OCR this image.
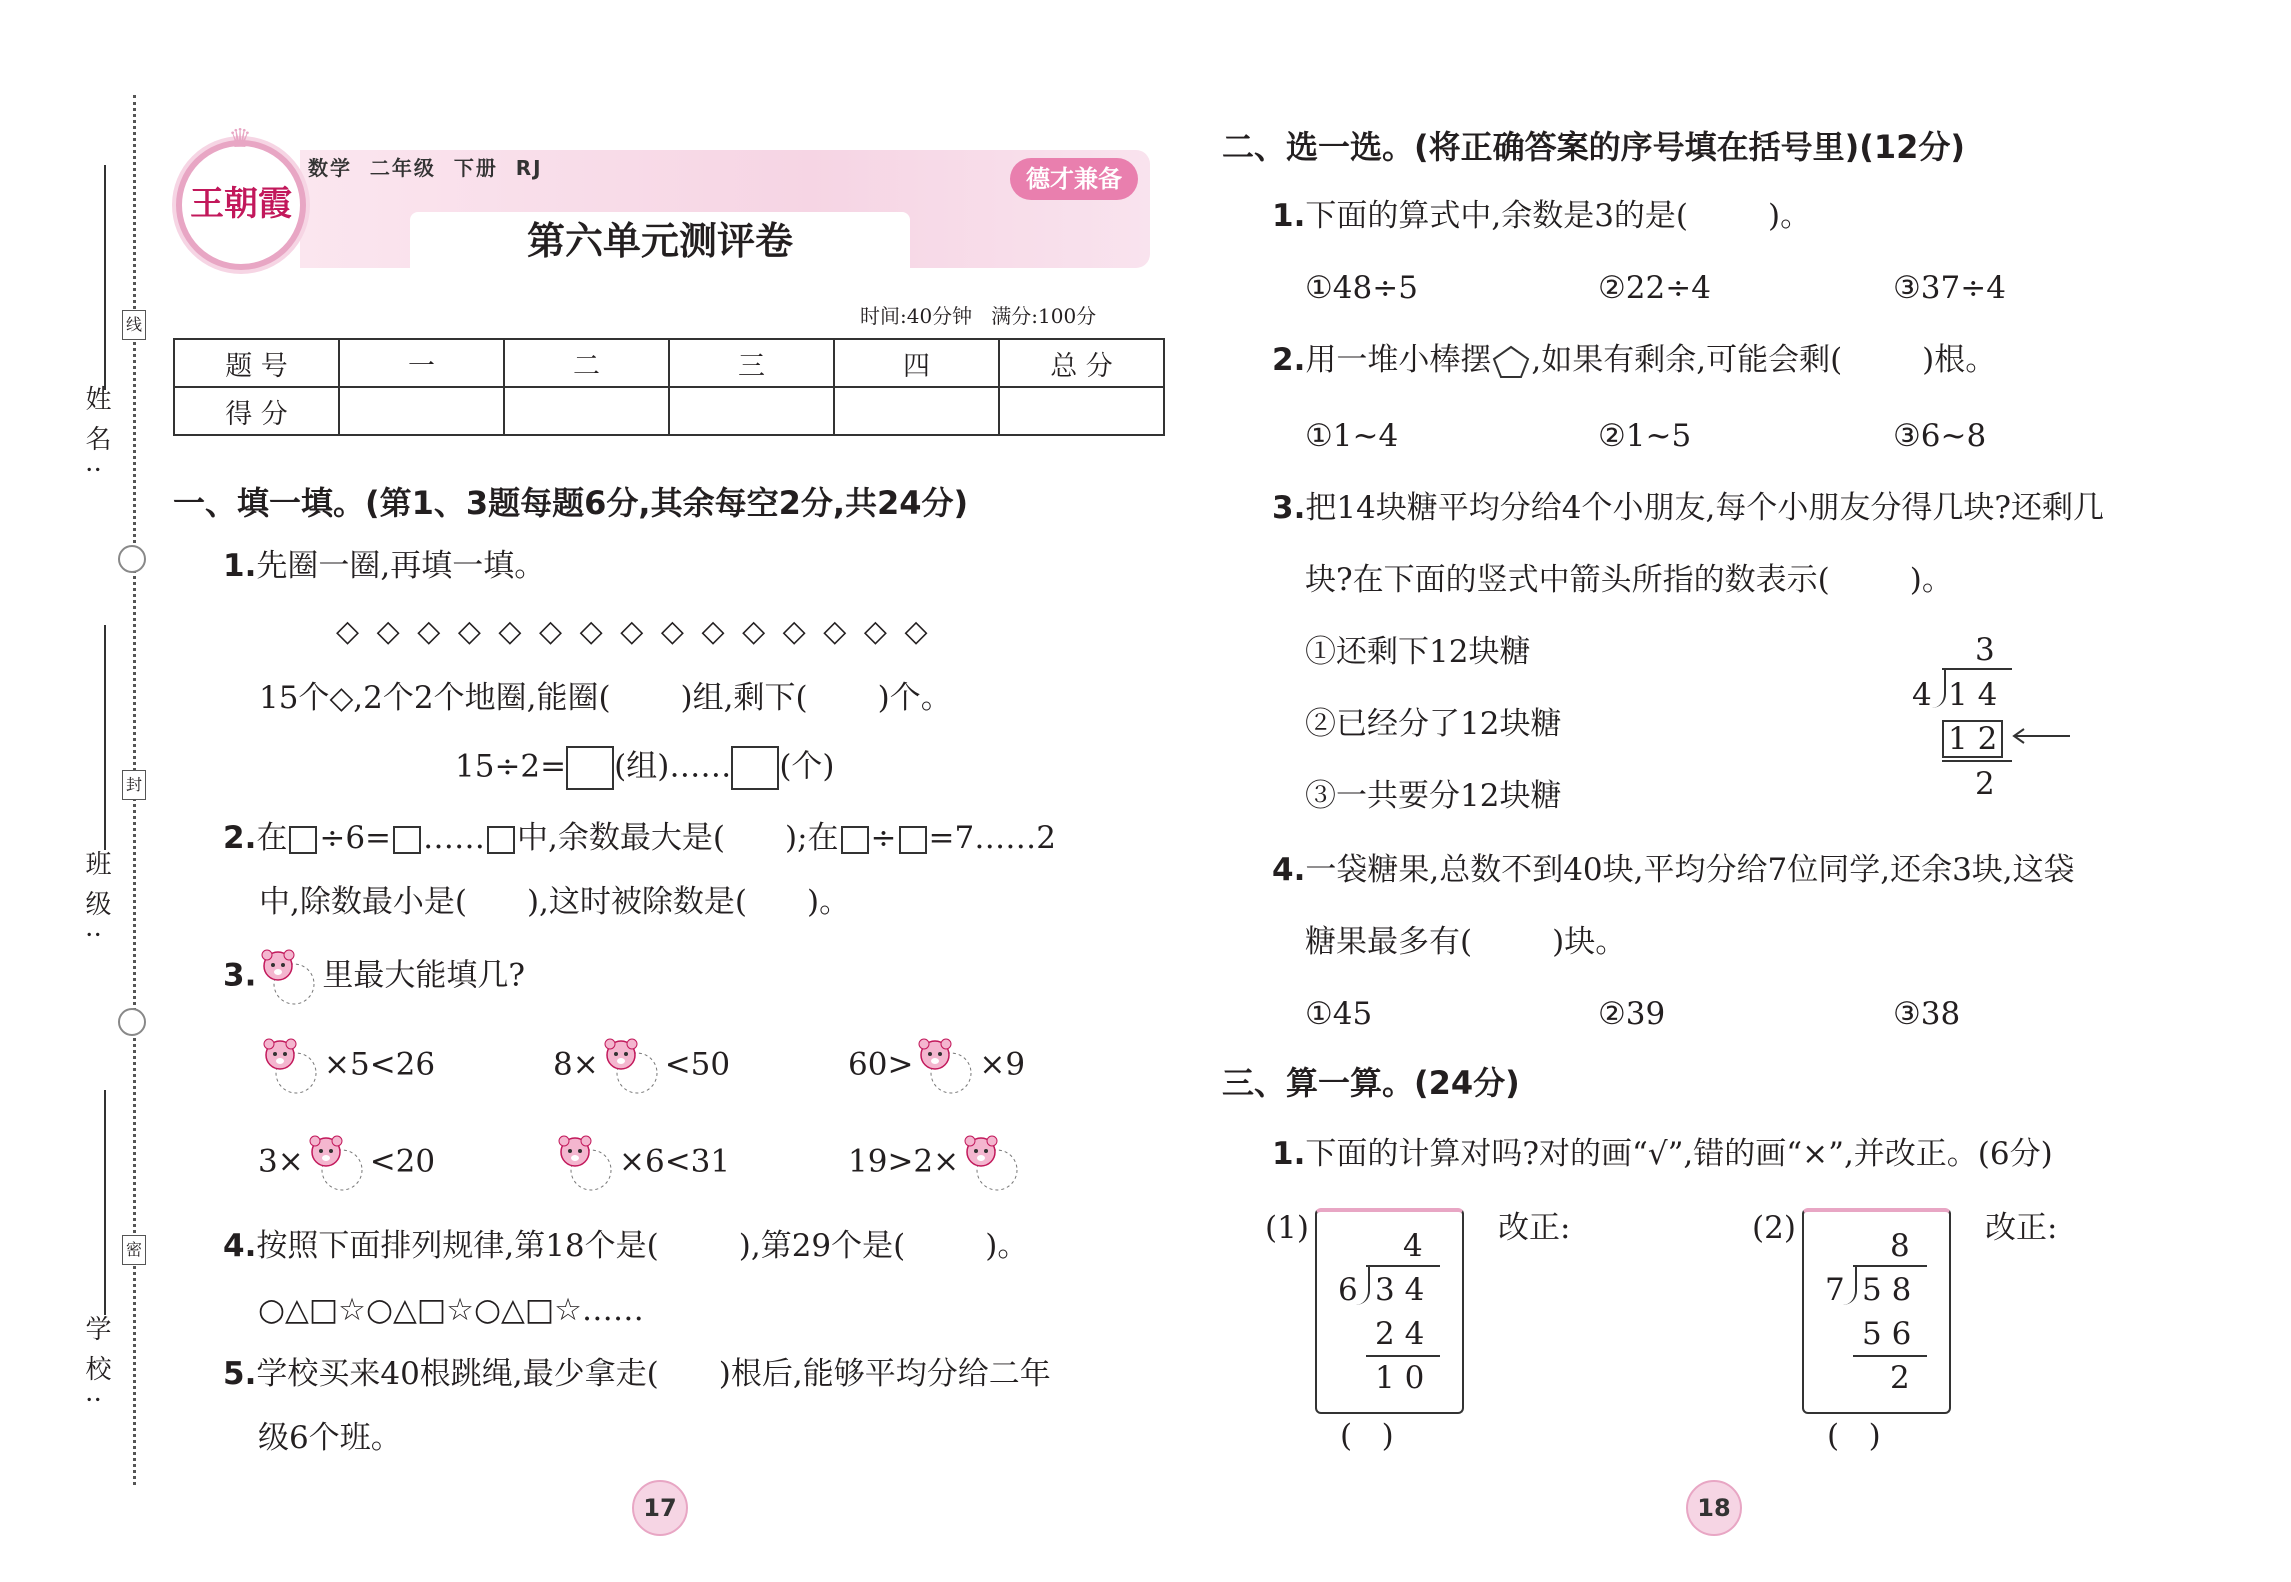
线
封
密
姓名:
班级:
学校:
王朝霞
♛
数学  二年级  下册  RJ	德才兼备
第六单元测评卷
时间:40分钟   满分:100分
题 号	一	二	三	四	总 分
得 分					
一、填一填。(第1、3题每题6分,其余每空2分,共24分)
1.先圈一圈,再填一填。
◇ ◇ ◇ ◇ ◇ ◇ ◇ ◇ ◇ ◇ ◇ ◇ ◇ ◇ ◇
15个◇,2个2个地圈,能圈( )组,剩下( )个。
15÷2= (组)…… (个)
2.在 ÷6= …… 中,余数最大是( );在 ÷ =7……2
中,除数最小是( ),这时被除数是( )。
3. 里最大能填几?
×5<26	8× <50	60> ×9
3× <20	×6<31	19>2×
4.按照下面排列规律,第18个是(	),第29个是(	)。
○△□☆○△□☆○△□☆……
5.学校买来40根跳绳,最少拿走( )根后,能够平均分给二年
级6个班。
二、选一选。(将正确答案的序号填在括号里)(12分)
1.下面的算式中,余数是3的是(	)。
①48÷5	②22÷4	③37÷4
2.用一堆小棒摆 ,如果有剩余,可能会剩(	)根。
①1~4	②1~5	③6~8
3.把14块糖平均分给4个小朋友,每个小朋友分得几块?还剩几
块?在下面的竖式中箭头所指的数表示(	)。
①还剩下12块糖
②已经分了12块糖
③一共要分12块糖
3
4 1 4
1 2
2
4.一袋糖果,总数不到40块,平均分给7位同学,还余3块,这袋
糖果最多有(	)块。
①45	②39	③38
三、算一算。(24分)
1.下面的计算对吗?对的画“√”,错的画“×”,并改正。(6分)
(1)	4
6 3 4
2 4
1 0
(   )
改正:	(2)	8
7 5 8
5 6
2
(   )
改正:
17	18
